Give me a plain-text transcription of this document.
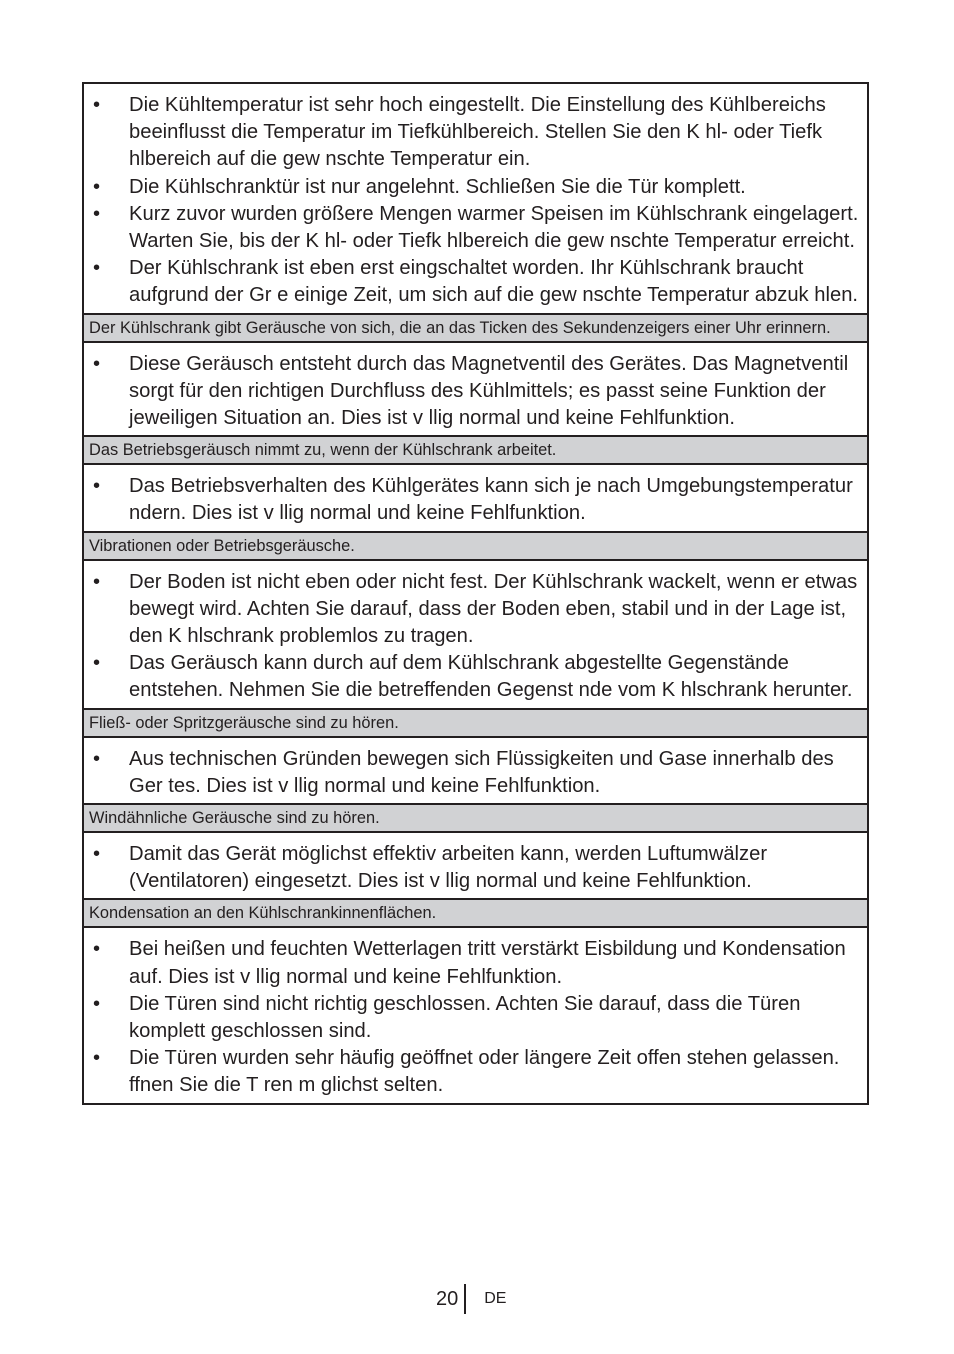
• Die Kühltemperatur ist sehr hoch eingestellt. Die Einstellung des Kühlbereichs beeinflusst die Temperatur im Tiefkühlbereich. Stellen Sie den K hl- oder Tiefk hlbereich auf die gew nschte Temperatur ein.
• Die Kühlschranktür ist nur angelehnt. Schließen Sie die Tür komplett.
• Kurz zuvor wurden größere Mengen warmer Speisen im Kühlschrank eingelagert. Warten Sie, bis der K hl- oder Tiefk hlbereich die gew nschte Temperatur erreicht.
• Der Kühlschrank ist eben erst eingschaltet worden. Ihr Kühlschrank braucht aufgrund der Gr e einige Zeit, um sich auf die gew nschte Temperatur abzuk hlen.
Der Kühlschrank gibt Geräusche von sich, die an das Ticken des Sekundenzeigers einer Uhr erinnern.
• Diese Geräusch entsteht durch das Magnetventil des Gerätes. Das Magnetventil sorgt für den richtigen Durchfluss des Kühlmittels; es passt seine Funktion der jeweiligen Situation an. Dies ist v llig normal und keine Fehlfunktion.
Das Betriebsgeräusch nimmt zu, wenn der Kühlschrank arbeitet.
• Das Betriebsverhalten des Kühlgerätes kann sich je nach Umgebungstemperatur ndern. Dies ist v llig normal und keine Fehlfunktion.
Vibrationen oder Betriebsgeräusche.
• Der Boden ist nicht eben oder nicht fest. Der Kühlschrank wackelt, wenn er etwas bewegt wird. Achten Sie darauf, dass der Boden eben, stabil und in der Lage ist, den K hlschrank problemlos zu tragen.
• Das Geräusch kann durch auf dem Kühlschrank abgestellte Gegenstände entstehen. Nehmen Sie die betreffenden Gegenst nde vom K hlschrank herunter.
Fließ- oder Spritzgeräusche sind zu hören.
• Aus technischen Gründen bewegen sich Flüssigkeiten und Gase innerhalb des Ger tes. Dies ist v llig normal und keine Fehlfunktion.
Windähnliche Geräusche sind zu hören.
• Damit das Gerät möglichst effektiv arbeiten kann, werden Luftumwälzer (Ventilatoren) eingesetzt. Dies ist v llig normal und keine Fehlfunktion.
Kondensation an den Kühlschrankinnenflächen.
• Bei heißen und feuchten Wetterlagen tritt verstärkt Eisbildung und Kondensation auf. Dies ist v llig normal und keine Fehlfunktion.
• Die Türen sind nicht richtig geschlossen. Achten Sie darauf, dass die Türen komplett geschlossen sind.
• Die Türen wurden sehr häufig geöffnet oder längere Zeit offen stehen gelassen. ffnen Sie die T ren m glichst selten.
20	DE
